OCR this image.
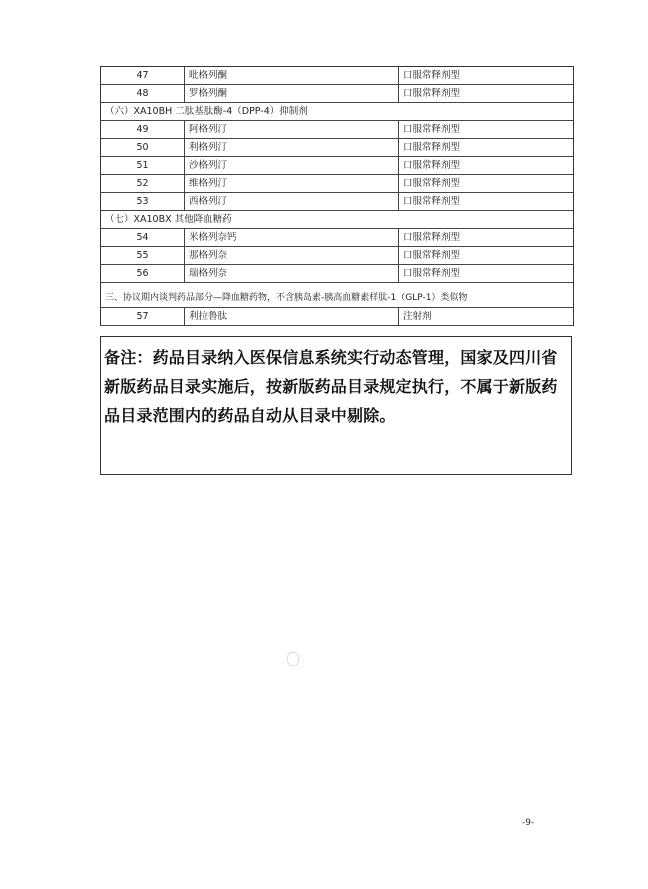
47	吡格列酮	口服常释剂型
48	罗格列酮	口服常释剂型
（六）XA10BH 二肽基肽酶-4（DPP-4）抑制剂
49	阿格列汀	口服常释剂型
50	利格列汀	口服常释剂型
51	沙格列汀	口服常释剂型
52	维格列汀	口服常释剂型
53	西格列汀	口服常释剂型
（七）XA10BX 其他降血糖药
54	米格列奈钙	口服常释剂型
55	那格列奈	口服常释剂型
56	瑞格列奈	口服常释剂型
三、协议期内谈判药品部分—降血糖药物，不含胰岛素-胰高血糖素样肽-1（GLP-1）类似物
57	利拉鲁肽	注射剂
备注：药品目录纳入医保信息系统实行动态管理，国家及四川省新版药品目录实施后，按新版药品目录规定执行，不属于新版药品目录范围内的药品自动从目录中剔除。
-9-
